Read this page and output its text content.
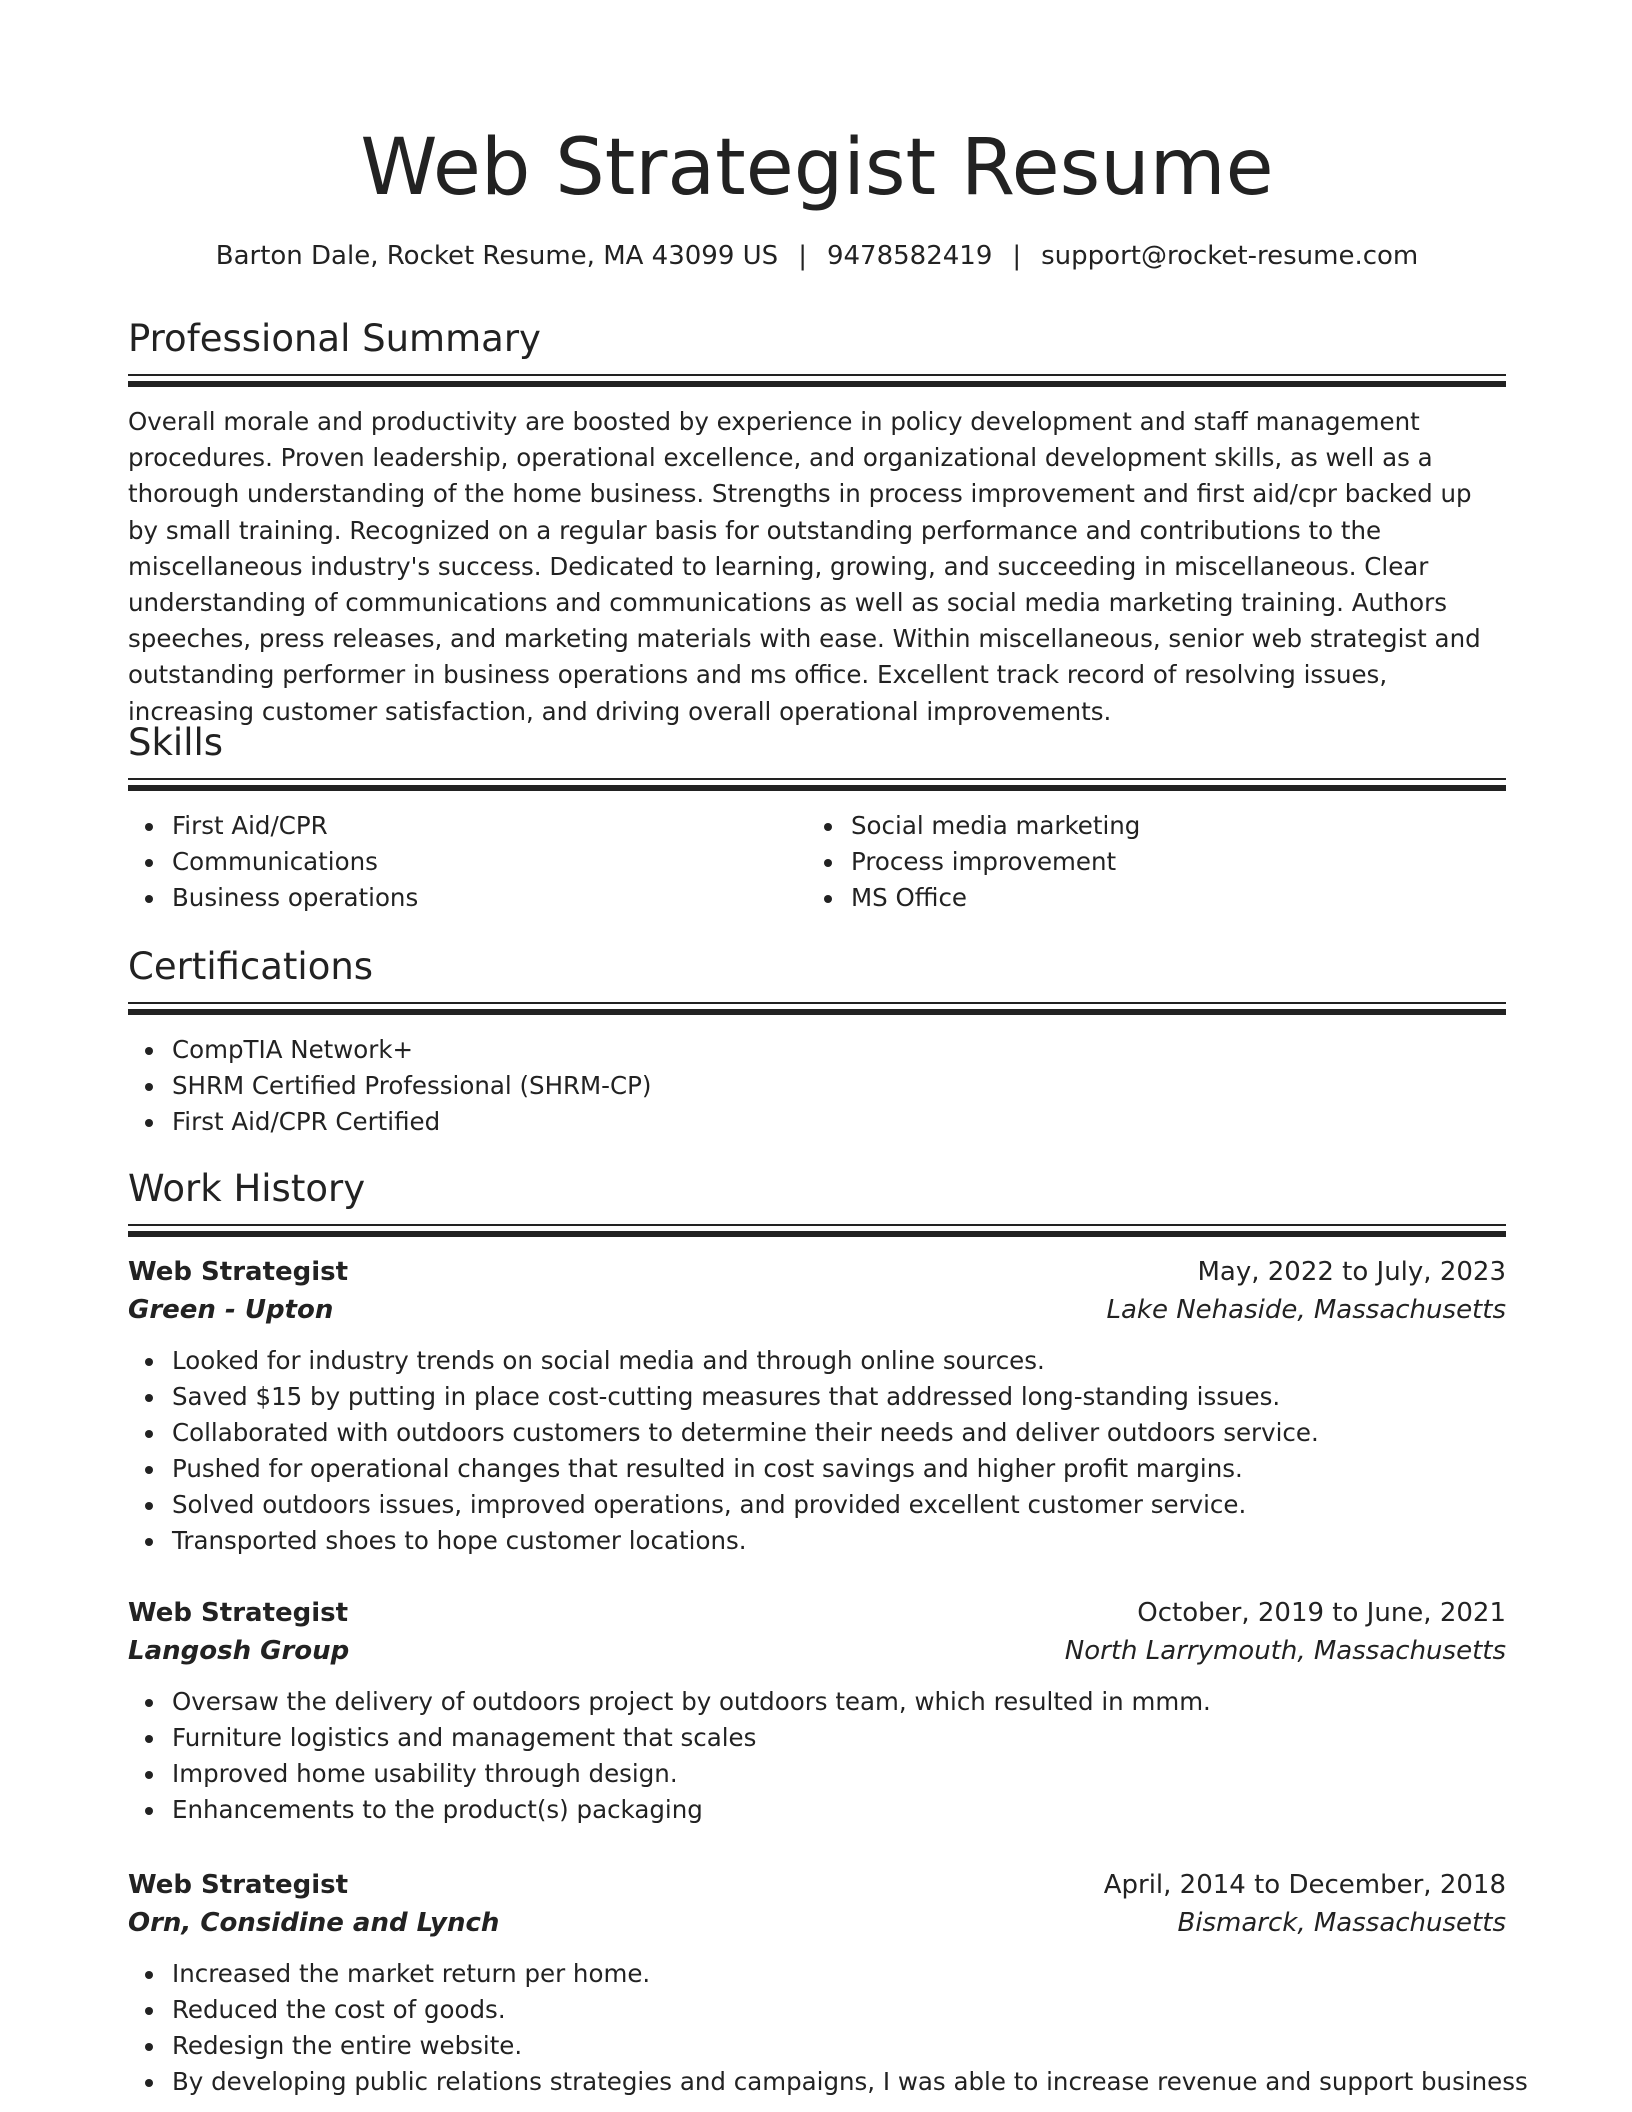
Web Strategist Resume
Barton Dale, Rocket Resume, MA 43099 US | 9478582419 | support@rocket-resume.com
Professional Summary
Overall morale and productivity are boosted by experience in policy development and staff management procedures. Proven leadership, operational excellence, and organizational development skills, as well as a thorough understanding of the home business. Strengths in process improvement and first aid/cpr backed up by small training. Recognized on a regular basis for outstanding performance and contributions to the miscellaneous industry's success. Dedicated to learning, growing, and succeeding in miscellaneous. Clear understanding of communications and communications as well as social media marketing training. Authors speeches, press releases, and marketing materials with ease. Within miscellaneous, senior web strategist and outstanding performer in business operations and ms office. Excellent track record of resolving issues, increasing customer satisfaction, and driving overall operational improvements.
Skills
First Aid/CPR
Communications
Business operations
Social media marketing
Process improvement
MS Office
Certifications
CompTIA Network+
SHRM Certified Professional (SHRM-CP)
First Aid/CPR Certified
Work History
Web Strategist	May, 2022 to July, 2023
Green - Upton	Lake Nehaside, Massachusetts
Looked for industry trends on social media and through online sources.
Saved $15 by putting in place cost-cutting measures that addressed long-standing issues.
Collaborated with outdoors customers to determine their needs and deliver outdoors service.
Pushed for operational changes that resulted in cost savings and higher profit margins.
Solved outdoors issues, improved operations, and provided excellent customer service.
Transported shoes to hope customer locations.
Web Strategist	October, 2019 to June, 2021
Langosh Group	North Larrymouth, Massachusetts
Oversaw the delivery of outdoors project by outdoors team, which resulted in mmm.
Furniture logistics and management that scales
Improved home usability through design.
Enhancements to the product(s) packaging
Web Strategist	April, 2014 to December, 2018
Orn, Considine and Lynch	Bismarck, Massachusetts
Increased the market return per home.
Reduced the cost of goods.
Redesign the entire website.
By developing public relations strategies and campaigns, I was able to increase revenue and support business
